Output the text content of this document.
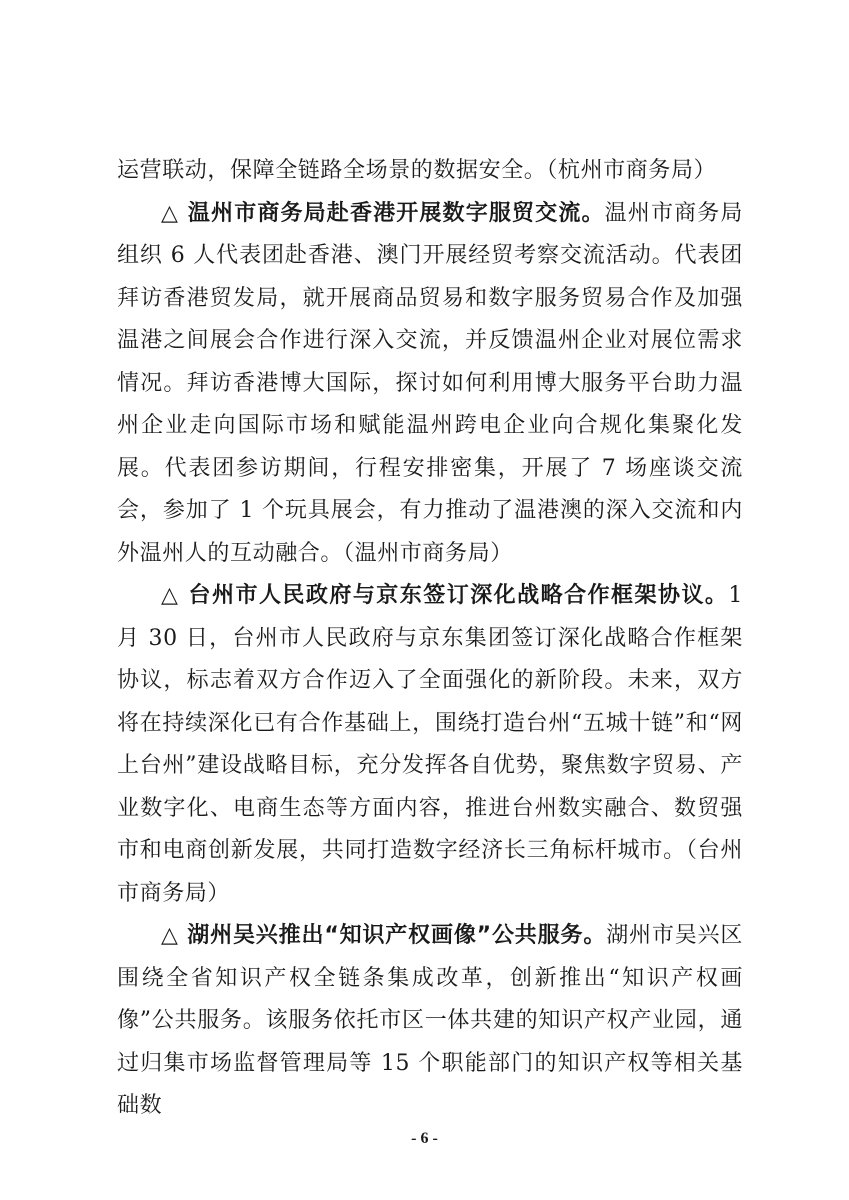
运营联动，保障全链路全场景的数据安全。（杭州市商务局）

△ 温州市商务局赴香港开展数字服贸交流。温州市商务局组织 6 人代表团赴香港、澳门开展经贸考察交流活动。代表团拜访香港贸发局，就开展商品贸易和数字服务贸易合作及加强温港之间展会合作进行深入交流，并反馈温州企业对展位需求情况。拜访香港博大国际，探讨如何利用博大服务平台助力温州企业走向国际市场和赋能温州跨电企业向合规化集聚化发展。代表团参访期间，行程安排密集，开展了 7 场座谈交流会，参加了 1 个玩具展会，有力推动了温港澳的深入交流和内外温州人的互动融合。（温州市商务局）

△ 台州市人民政府与京东签订深化战略合作框架协议。1 月 30 日，台州市人民政府与京东集团签订深化战略合作框架协议，标志着双方合作迈入了全面强化的新阶段。未来，双方将在持续深化已有合作基础上，围绕打造台州“五城十链”和“网上台州”建设战略目标，充分发挥各自优势，聚焦数字贸易、产业数字化、电商生态等方面内容，推进台州数实融合、数贸强市和电商创新发展，共同打造数字经济长三角标杆城市。（台州市商务局）

△ 湖州吴兴推出“知识产权画像”公共服务。湖州市吴兴区围绕全省知识产权全链条集成改革，创新推出“知识产权画像”公共服务。该服务依托市区一体共建的知识产权产业园，通过归集市场监督管理局等 15 个职能部门的知识产权等相关基础数

- 6 -
